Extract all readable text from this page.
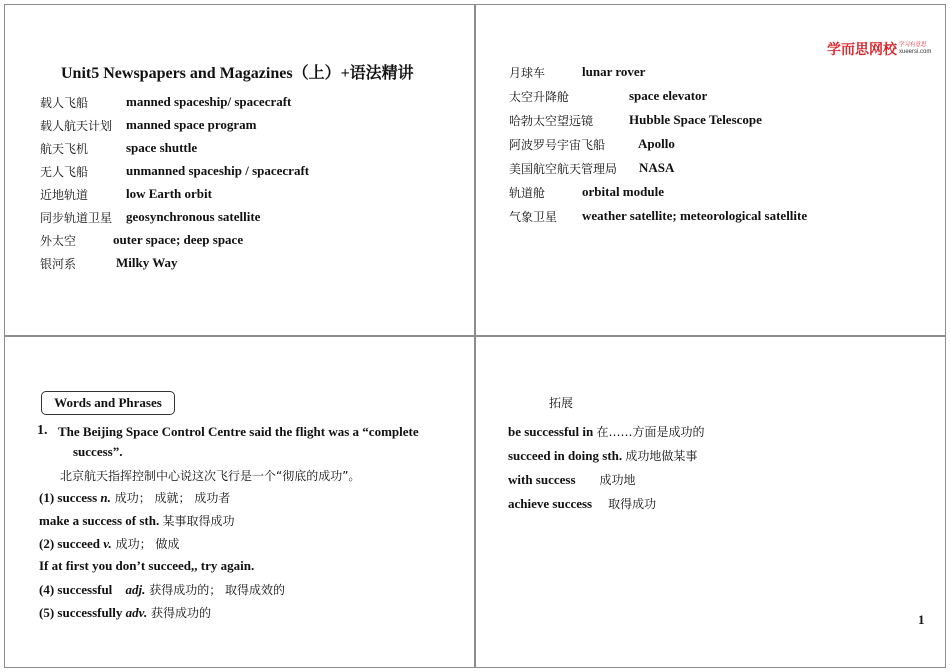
Unit5 Newspapers and Magazines（上）+语法精讲
载人飞船	manned spaceship/ spacecraft
载人航天计划 manned space program
航天飞机	space shuttle
无人飞船	unmanned spaceship / spacecraft
近地轨道	low Earth orbit
同步轨道卫星 geosynchronous satellite
外太空	outer space; deep space
银河系	Milky Way
学而思网校 学习有意思
xueersi.com
月球车	lunar rover
太空升降舱	space elevator
哈勃太空望远镜	Hubble Space Telescope
阿波罗号宇宙飞船	Apollo
美国航空航天管理局 NASA
轨道舱	orbital module
气象卫星 weather satellite; meteorological satellite
Words and Phrases
1. The Beijing Space Control Centre said the flight was a “complete
success”.
北京航天指挥控制中心说这次飞行是一个“彻底的成功”。
(1) success n. 成功； 成就； 成功者
make a success of sth. 某事取得成功
(2) succeed v. 成功； 做成
If at first you don’t succeed,, try again.
(4) successful adj. 获得成功的； 取得成效的
(5) successfully adv. 获得成功的
拓展
be successful in 在……方面是成功的
succeed in doing sth. 成功地做某事
with success 成功地
achieve success 取得成功
1
